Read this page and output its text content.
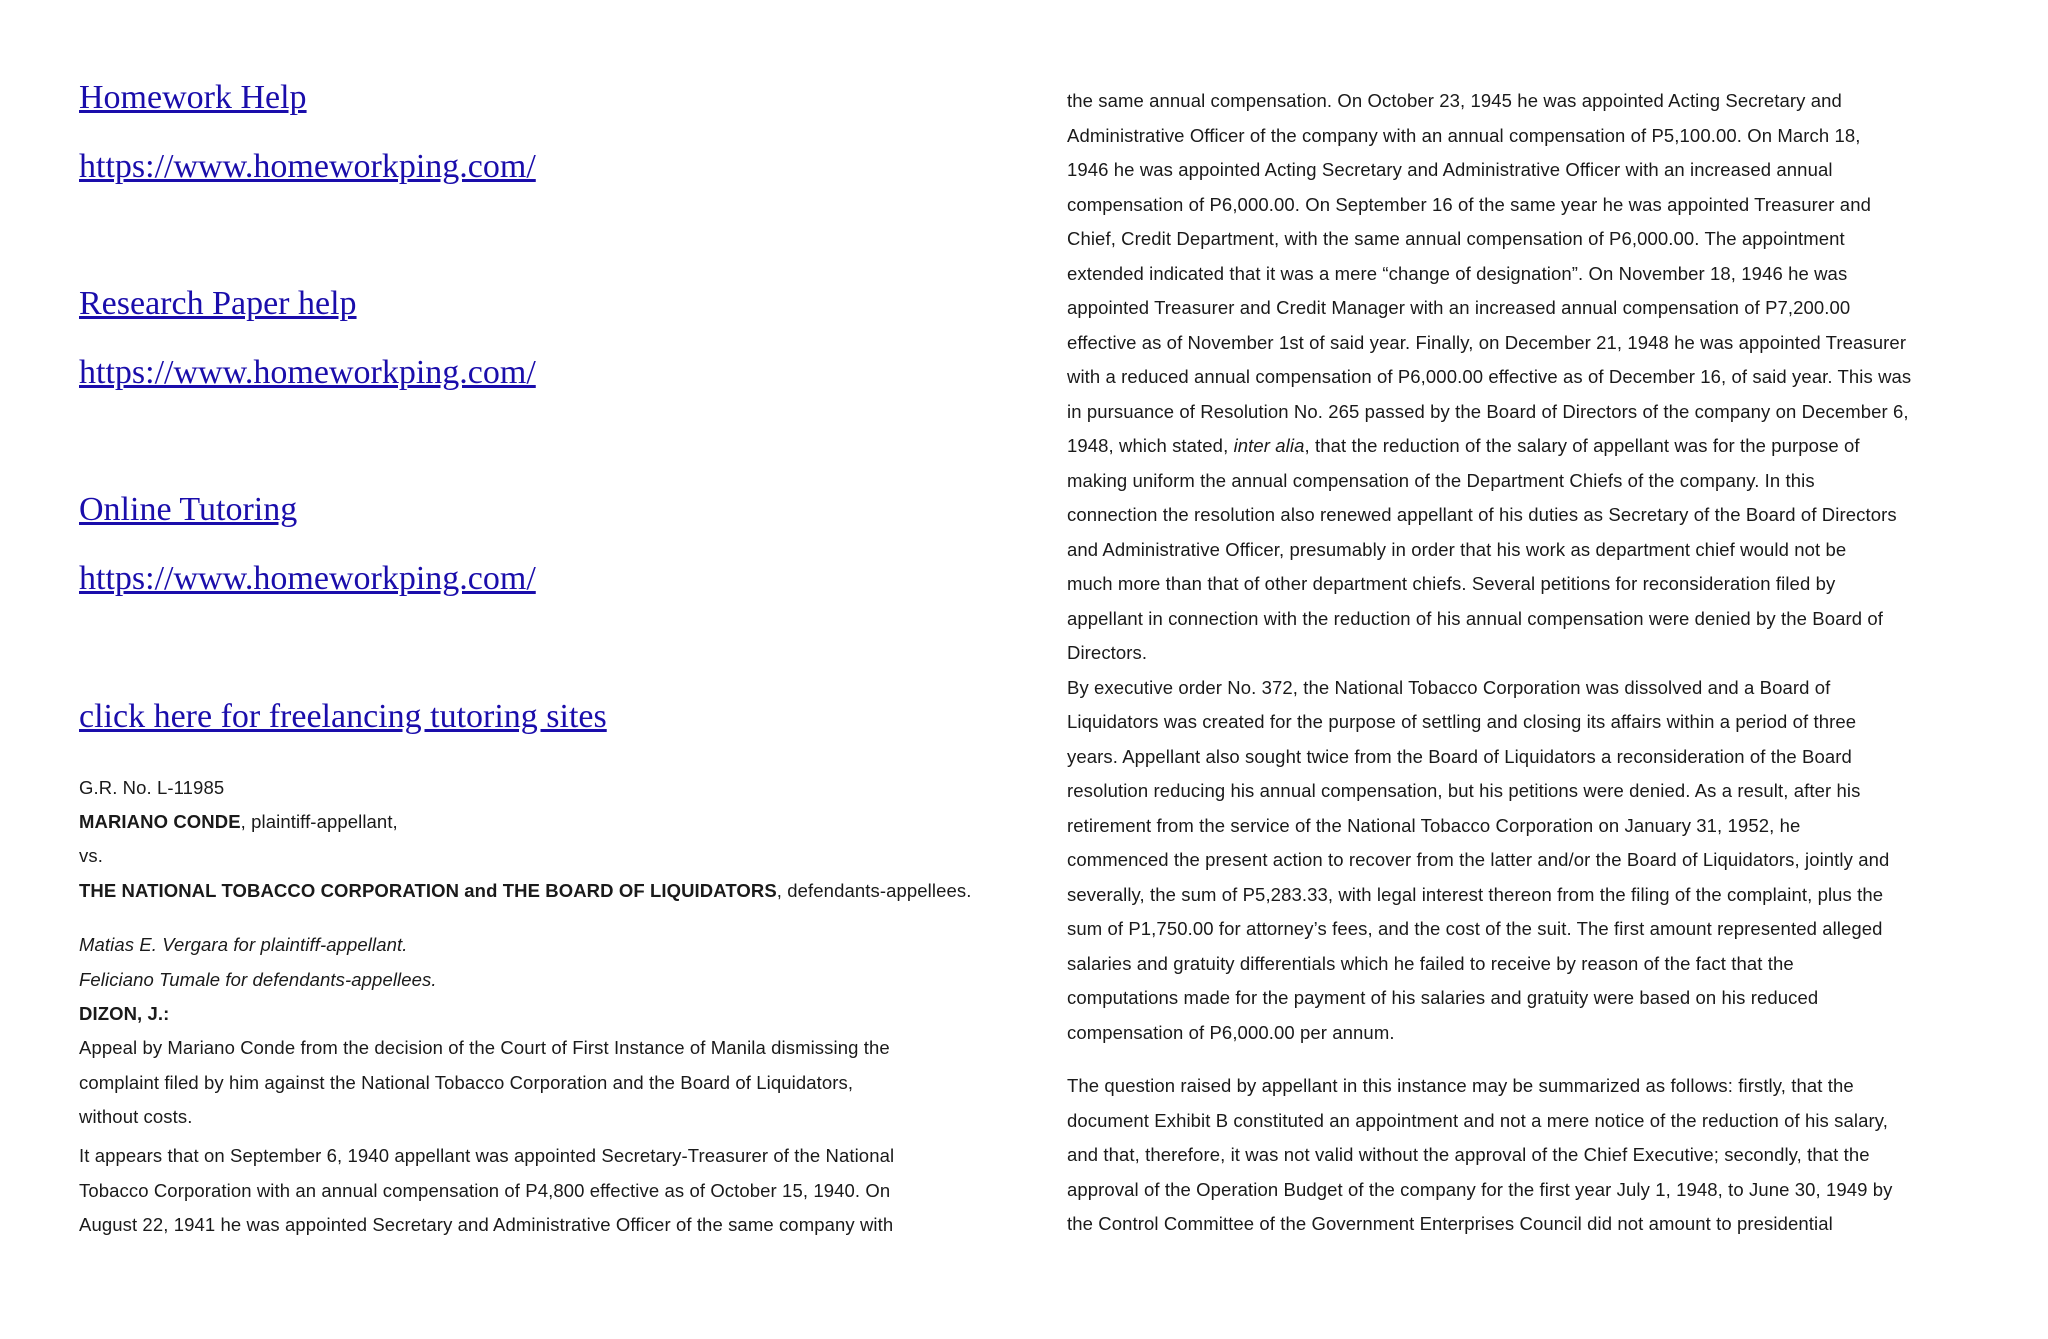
Homework Help
https://www.homeworkping.com/
Research Paper help
https://www.homeworkping.com/
Online Tutoring
https://www.homeworkping.com/
click here for freelancing tutoring sites
G.R. No. L-11985
MARIANO CONDE, plaintiff-appellant,
vs.
THE NATIONAL TOBACCO CORPORATION and THE BOARD OF LIQUIDATORS, defendants-appellees.
Matias E. Vergara for plaintiff-appellant.
Feliciano Tumale for defendants-appellees.
DIZON, J.:

Appeal by Mariano Conde from the decision of the Court of First Instance of Manila dismissing the

complaint filed by him against the National Tobacco Corporation and the Board of Liquidators,

without costs.

It appears that on September 6, 1940 appellant was appointed Secretary-Treasurer of the National

Tobacco Corporation with an annual compensation of P4,800 effective as of October 15, 1940. On

August 22, 1941 he was appointed Secretary and Administrative Officer of the same company with

the same annual compensation. On October 23, 1945 he was appointed Acting Secretary and

Administrative Officer of the company with an annual compensation of P5,100.00. On March 18,

1946 he was appointed Acting Secretary and Administrative Officer with an increased annual

compensation of P6,000.00. On September 16 of the same year he was appointed Treasurer and

Chief, Credit Department, with the same annual compensation of P6,000.00. The appointment

extended indicated that it was a mere “change of designation”. On November 18, 1946 he was

appointed Treasurer and Credit Manager with an increased annual compensation of P7,200.00

effective as of November 1st of said year. Finally, on December 21, 1948 he was appointed Treasurer

with a reduced annual compensation of P6,000.00 effective as of December 16, of said year. This was

in pursuance of Resolution No. 265 passed by the Board of Directors of the company on December 6,

1948, which stated, inter alia, that the reduction of the salary of appellant was for the purpose of

making uniform the annual compensation of the Department Chiefs of the company. In this

connection the resolution also renewed appellant of his duties as Secretary of the Board of Directors

and Administrative Officer, presumably in order that his work as department chief would not be

much more than that of other department chiefs. Several petitions for reconsideration filed by

appellant in connection with the reduction of his annual compensation were denied by the Board of

Directors.

By executive order No. 372, the National Tobacco Corporation was dissolved and a Board of

Liquidators was created for the purpose of settling and closing its affairs within a period of three

years. Appellant also sought twice from the Board of Liquidators a reconsideration of the Board

resolution reducing his annual compensation, but his petitions were denied. As a result, after his

retirement from the service of the National Tobacco Corporation on January 31, 1952, he

commenced the present action to recover from the latter and/or the Board of Liquidators, jointly and

severally, the sum of P5,283.33, with legal interest thereon from the filing of the complaint, plus the

sum of P1,750.00 for attorney’s fees, and the cost of the suit. The first amount represented alleged

salaries and gratuity differentials which he failed to receive by reason of the fact that the

computations made for the payment of his salaries and gratuity were based on his reduced

compensation of P6,000.00 per annum.

The question raised by appellant in this instance may be summarized as follows: firstly, that the

document Exhibit B constituted an appointment and not a mere notice of the reduction of his salary,

and that, therefore, it was not valid without the approval of the Chief Executive; secondly, that the

approval of the Operation Budget of the company for the first year July 1, 1948, to June 30, 1949 by

the Control Committee of the Government Enterprises Council did not amount to presidential
